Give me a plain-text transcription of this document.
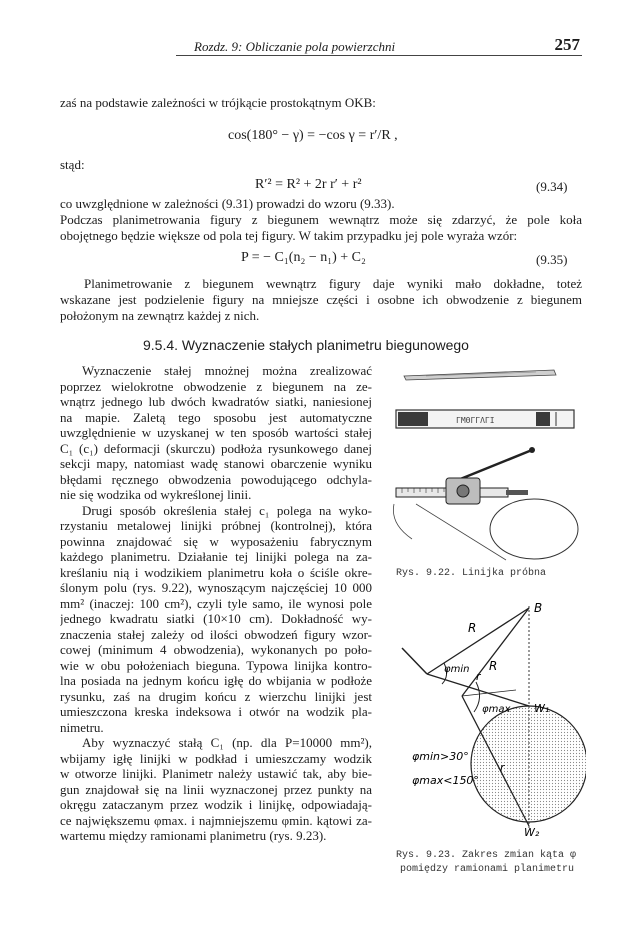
Rozdz. 9: Obliczanie pola powierzchni	257
zaś na podstawie zależności w trójkącie prostokątnym OKB:
cos(180° − γ) = −cos γ = r′/R ,
stąd:
R′² = R² + 2r r′ + r²	(9.34)
co uwzględnione w zależności (9.31) prowadzi do wzoru (9.33).
Podczas planimetrowania figury z biegunem wewnątrz może się zdarzyć, że pole koła
obojętnego będzie większe od pola tej figury. W takim przypadku jej pole wyraża wzór:
P = − C₁(n₂ − n₁) + C₂	(9.35)
Planimetrowanie z biegunem wewnątrz figury daje wyniki mało dokładne, toteż
wskazane jest podzielenie figury na mniejsze części i osobne ich obwodzenie z biegunem
położonym na zewnątrz każdej z nich.
9.5.4. Wyznaczenie stałych planimetru biegunowego
Wyznaczenie stałej mnożnej można zrealizować
poprzez wielokrotne obwodzenie z biegunem na ze-
wnątrz jednego lub dwóch kwadratów siatki, naniesionej
na mapie. Zaletą tego sposobu jest automatyczne
uwzględnienie w uzyskanej w ten sposób wartości stałej
C₁ (c₁) deformacji (skurczu) podłoża rysunkowego danej
sekcji mapy, natomiast wadę stanowi obarczenie wyniku
błędami ręcznego obwodzenia powodującego odchyla-
nie się wodzika od wykreślonej linii.
Drugi sposób określenia stałej c₁ polega na wyko-
rzystaniu metalowej linijki próbnej (kontrolnej), która
powinna znajdować się w wyposażeniu fabrycznym
każdego planimetru. Działanie tej linijki polega na za-
kreślaniu nią i wodzikiem planimetru koła o ściśle okre-
ślonym polu (rys. 9.22), wynoszącym najczęściej 10 000
mm² (inaczej: 100 cm²), czyli tyle samo, ile wynosi pole
jednego kwadratu siatki (10×10 cm). Dokładność wy-
znaczenia stałej zależy od ilości obwodzeń figury wzor-
cowej (minimum 4 obwodzenia), wykonanych po poło-
wie w obu położeniach bieguna. Typowa linijka kontro-
lna posiada na jednym końcu igłę do wbijania w podłoże
rysunku, zaś na drugim końcu z wierzchu linijki jest
umieszczona kreska indeksowa i otwór na wodzik pla-
nimetru.
Aby wyznaczyć stałą C₁ (np. dla P=10000 mm²),
wbijamy igłę linijki w podkład i umieszczamy wodzik
w otworze linijki. Planimetr należy ustawić tak, aby bie-
gun znajdował się na linii wyznaczonej przez punkty na
okręgu zataczanym przez wodzik i linijkę, odpowiadają-
ce największemu φmax. i najmniejszemu φmin. kątowi za-
wartemu między ramionami planimetru (rys. 9.23).
ΓΜΘΓΓΛΓΙ
Rys. 9.22. Linijka próbna
B
R
R
φmin
r
φmax W₁
r
W₂
φmin>30°
φmax<150°
Rys. 9.23. Zakres zmian kąta φ
pomiędzy ramionami planimetru
